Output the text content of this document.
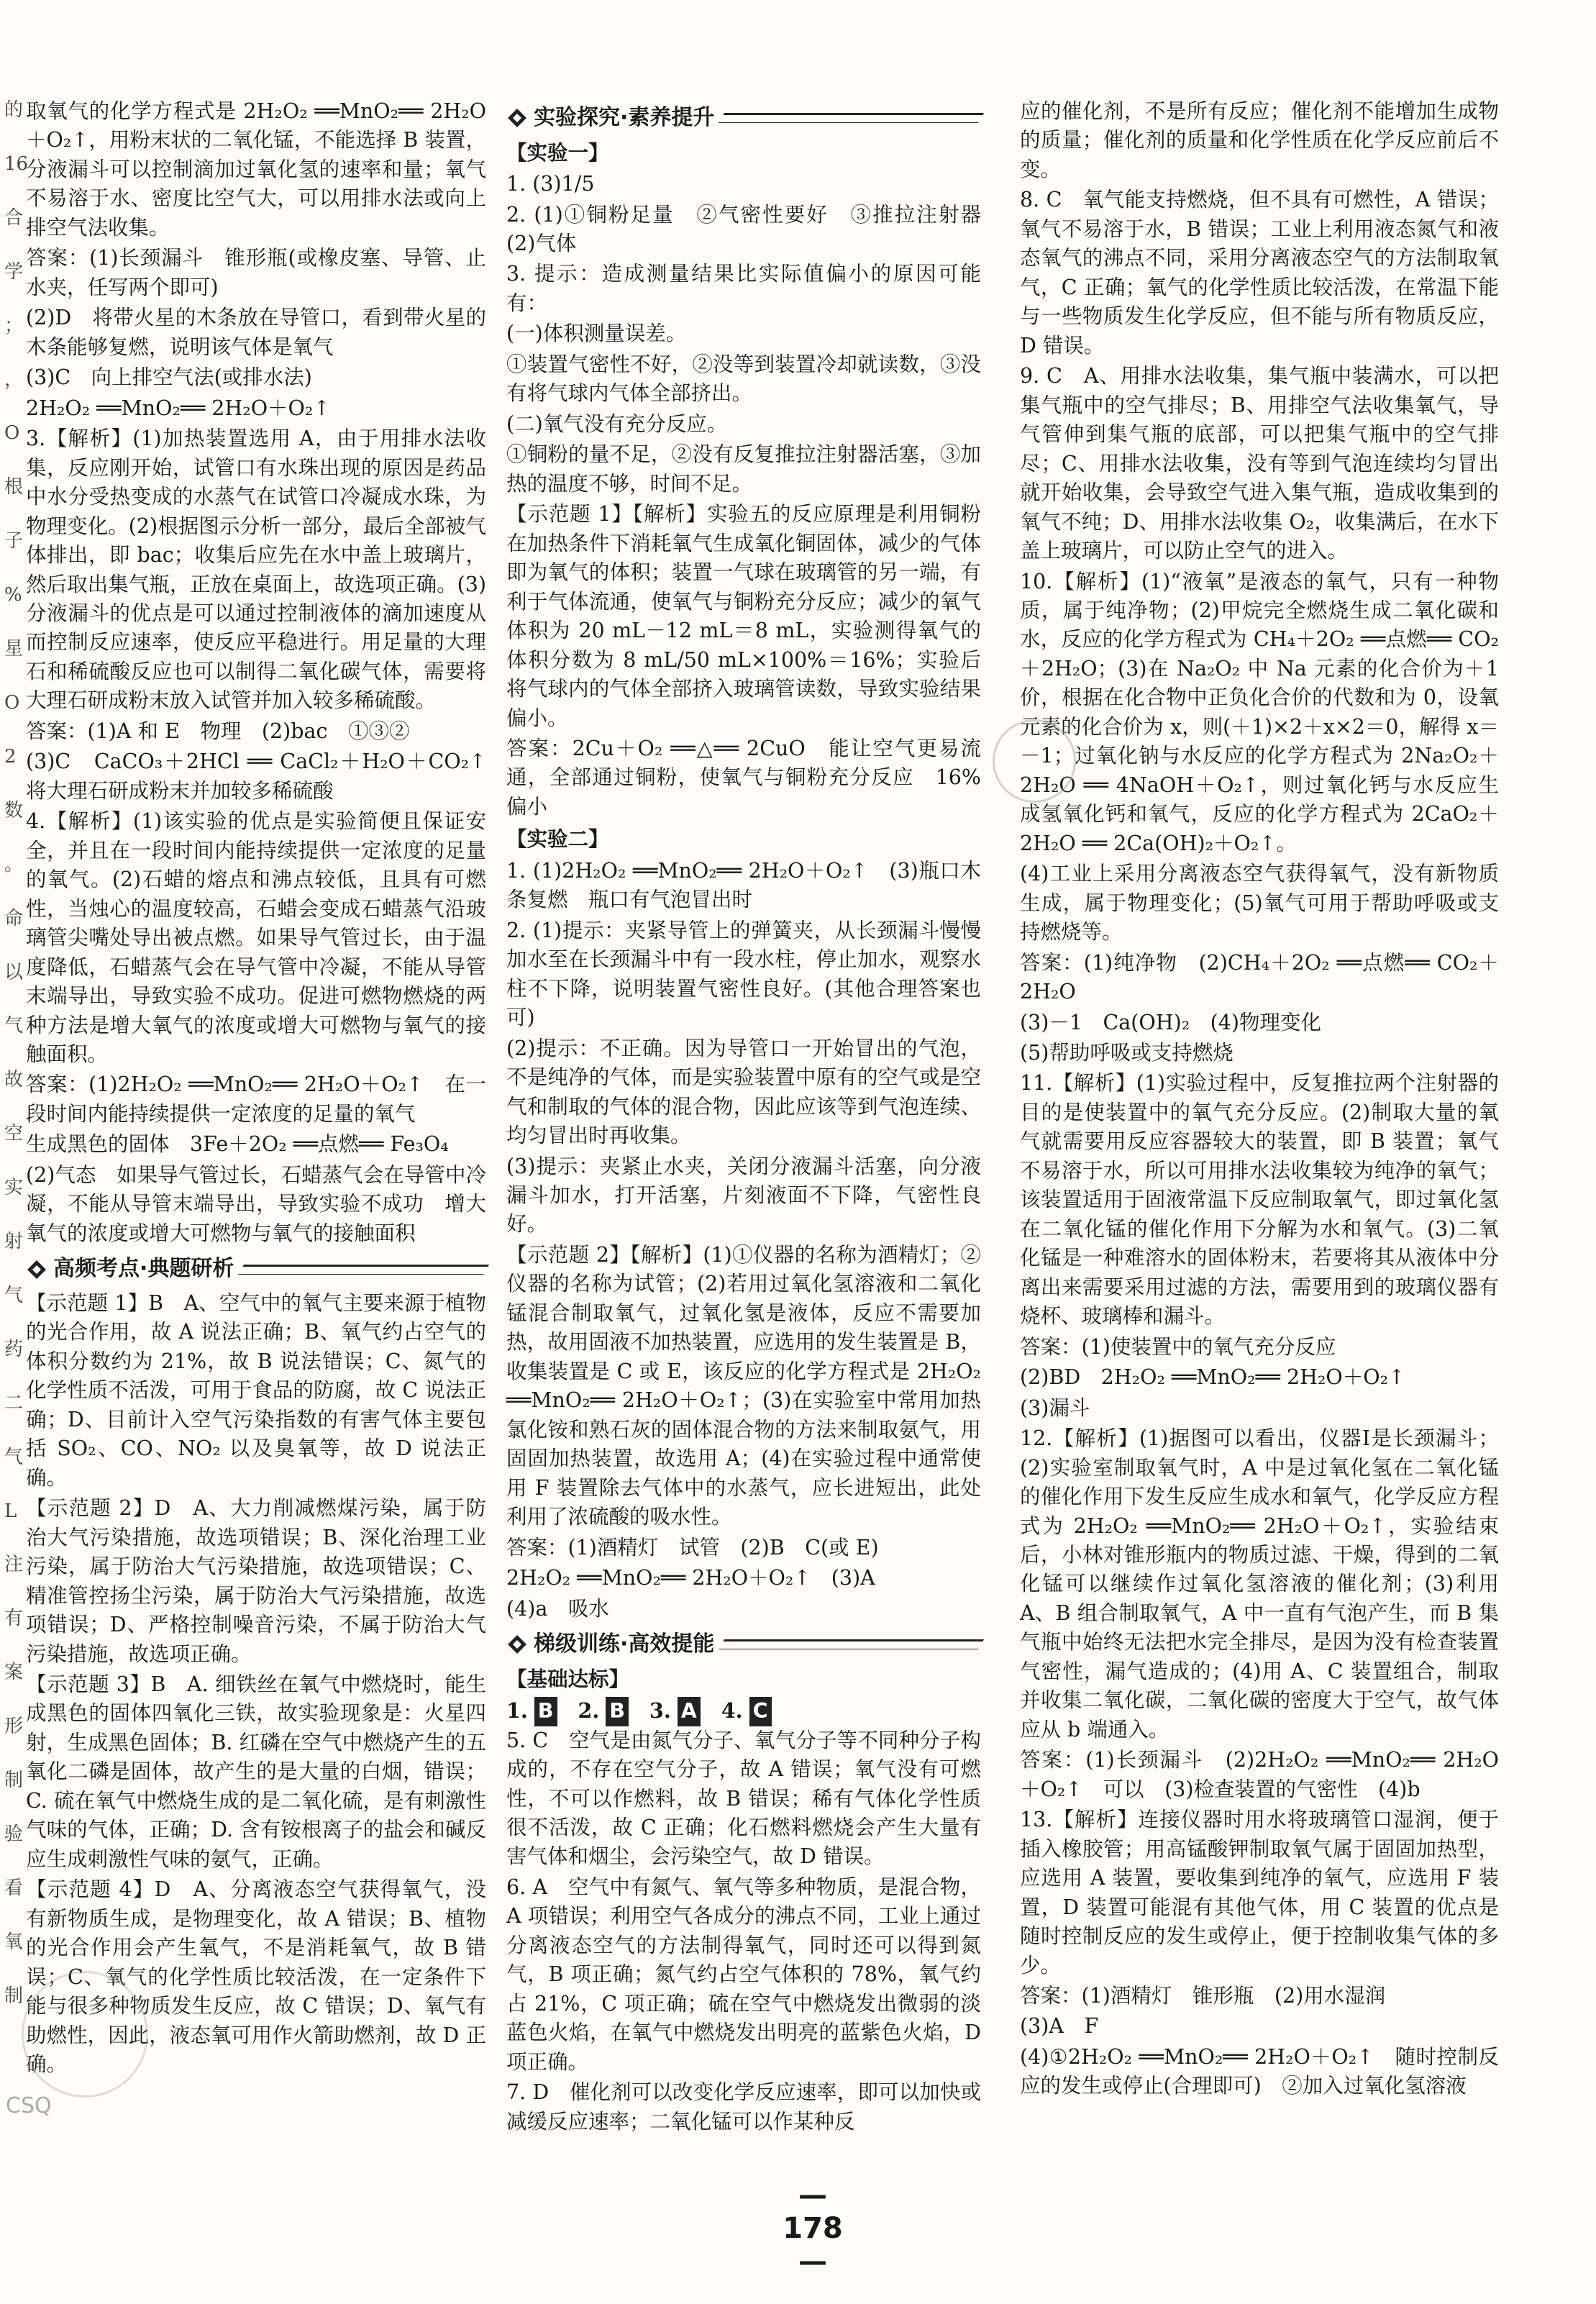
的
16
合
学
；
，
O
根
子
%
星
O
2
数
。
命
以
气
故
空
实
射
气
药
二
气
L
注
有
案
形
制
验
看
氧
制

取氧气的化学方程式是 2H₂O₂ ══MnO₂══ 2H₂O＋O₂↑，用粉末状的二氧化锰，不能选择 B 装置，分液漏斗可以控制滴加过氧化氢的速率和量；氧气不易溶于水、密度比空气大，可以用排水法或向上排空气法收集。

答案：(1)长颈漏斗　锥形瓶(或橡皮塞、导管、止水夹，任写两个即可)

(2)D　将带火星的木条放在导管口，看到带火星的木条能够复燃，说明该气体是氧气

(3)C　向上排空气法(或排水法)

2H₂O₂ ══MnO₂══ 2H₂O＋O₂↑

3.【解析】(1)加热装置选用 A，由于用排水法收集，反应刚开始，试管口有水珠出现的原因是药品中水分受热变成的水蒸气在试管口冷凝成水珠，为物理变化。(2)根据图示分析一部分，最后全部被气体排出，即 bac；收集后应先在水中盖上玻璃片，然后取出集气瓶，正放在桌面上，故选项正确。(3)分液漏斗的优点是可以通过控制液体的滴加速度从而控制反应速率，使反应平稳进行。用足量的大理石和稀硫酸反应也可以制得二氧化碳气体，需要将大理石研成粉末放入试管并加入较多稀硫酸。

答案：(1)A 和 E　物理　(2)bac　①③②

(3)C　CaCO₃＋2HCl ══ CaCl₂＋H₂O＋CO₂↑　将大理石研成粉末并加较多稀硫酸

4.【解析】(1)该实验的优点是实验简便且保证安全，并且在一段时间内能持续提供一定浓度的足量的氧气。(2)石蜡的熔点和沸点较低，且具有可燃性，当烛心的温度较高，石蜡会变成石蜡蒸气沿玻璃管尖嘴处导出被点燃。如果导气管过长，由于温度降低，石蜡蒸气会在导气管中冷凝，不能从导管末端导出，导致实验不成功。促进可燃物燃烧的两种方法是增大氧气的浓度或增大可燃物与氧气的接触面积。

答案：(1)2H₂O₂ ══MnO₂══ 2H₂O＋O₂↑　在一段时间内能持续提供一定浓度的足量的氧气

生成黑色的固体　3Fe＋2O₂ ══点燃══ Fe₃O₄

(2)气态　如果导气管过长，石蜡蒸气会在导管中冷凝，不能从导管末端导出，导致实验不成功　增大氧气的浓度或增大可燃物与氧气的接触面积

高频考点·典题研析

【示范题 1】B　A、空气中的氧气主要来源于植物的光合作用，故 A 说法正确；B、氧气约占空气的体积分数约为 21%，故 B 说法错误；C、氮气的化学性质不活泼，可用于食品的防腐，故 C 说法正确；D、目前计入空气污染指数的有害气体主要包括 SO₂、CO、NO₂ 以及臭氧等，故 D 说法正确。

【示范题 2】D　A、大力削减燃煤污染，属于防治大气污染措施，故选项错误；B、深化治理工业污染，属于防治大气污染措施，故选项错误；C、精准管控扬尘污染，属于防治大气污染措施，故选项错误；D、严格控制噪音污染，不属于防治大气污染措施，故选项正确。

【示范题 3】B　A. 细铁丝在氧气中燃烧时，能生成黑色的固体四氧化三铁，故实验现象是：火星四射，生成黑色固体；B. 红磷在空气中燃烧产生的五氧化二磷是固体，故产生的是大量的白烟，错误；C. 硫在氧气中燃烧生成的是二氧化硫，是有刺激性气味的气体，正确；D. 含有铵根离子的盐会和碱反应生成刺激性气味的氨气，正确。

【示范题 4】D　A、分离液态空气获得氧气，没有新物质生成，是物理变化，故 A 错误；B、植物的光合作用会产生氧气，不是消耗氧气，故 B 错误；C、氧气的化学性质比较活泼，在一定条件下能与很多种物质发生反应，故 C 错误；D、氧气有助燃性，因此，液态氧可用作火箭助燃剂，故 D 正确。

实验探究·素养提升
【实验一】

1. (3)1/5

2. (1)①铜粉足量　②气密性要好　③推拉注射器　(2)气体

3. 提示：造成测量结果比实际值偏小的原因可能有：

(一)体积测量误差。

①装置气密性不好，②没等到装置冷却就读数，③没有将气球内气体全部挤出。

(二)氧气没有充分反应。

①铜粉的量不足，②没有反复推拉注射器活塞，③加热的温度不够，时间不足。

【示范题 1】【解析】实验五的反应原理是利用铜粉在加热条件下消耗氧气生成氧化铜固体，减少的气体即为氧气的体积；装置一气球在玻璃管的另一端，有利于气体流通，使氧气与铜粉充分反应；减少的氧气体积为 20 mL－12 mL＝8 mL，实验测得氧气的体积分数为 8 mL/50 mL×100%＝16%；实验后将气球内的气体全部挤入玻璃管读数，导致实验结果偏小。

答案：2Cu＋O₂ ══△══ 2CuO　能让空气更易流通，全部通过铜粉，使氧气与铜粉充分反应　16%　偏小

【实验二】

1. (1)2H₂O₂ ══MnO₂══ 2H₂O＋O₂↑　(3)瓶口木条复燃　瓶口有气泡冒出时

2. (1)提示：夹紧导管上的弹簧夹，从长颈漏斗慢慢加水至在长颈漏斗中有一段水柱，停止加水，观察水柱不下降，说明装置气密性良好。(其他合理答案也可)

(2)提示：不正确。因为导管口一开始冒出的气泡，不是纯净的气体，而是实验装置中原有的空气或是空气和制取的气体的混合物，因此应该等到气泡连续、均匀冒出时再收集。

(3)提示：夹紧止水夹，关闭分液漏斗活塞，向分液漏斗加水，打开活塞，片刻液面不下降，气密性良好。

【示范题 2】【解析】(1)①仪器的名称为酒精灯；②仪器的名称为试管；(2)若用过氧化氢溶液和二氧化锰混合制取氧气，过氧化氢是液体，反应不需要加热，故用固液不加热装置，应选用的发生装置是 B，收集装置是 C 或 E，该反应的化学方程式是 2H₂O₂ ══MnO₂══ 2H₂O＋O₂↑；(3)在实验室中常用加热氯化铵和熟石灰的固体混合物的方法来制取氨气，用固固加热装置，故选用 A；(4)在实验过程中通常使用 F 装置除去气体中的水蒸气，应长进短出，此处利用了浓硫酸的吸水性。

答案：(1)酒精灯　试管　(2)B　C(或 E)

2H₂O₂ ══MnO₂══ 2H₂O＋O₂↑　(3)A

(4)a　吸水

梯级训练·高效提能
【基础达标】
1. B 2. B 3. A 4. C

5. C　空气是由氮气分子、氧气分子等不同种分子构成的，不存在空气分子，故 A 错误；氧气没有可燃性，不可以作燃料，故 B 错误；稀有气体化学性质很不活泼，故 C 正确；化石燃料燃烧会产生大量有害气体和烟尘，会污染空气，故 D 错误。

6. A　空气中有氮气、氧气等多种物质，是混合物，A 项错误；利用空气各成分的沸点不同，工业上通过分离液态空气的方法制得氧气，同时还可以得到氮气，B 项正确；氮气约占空气体积的 78%，氧气约占 21%，C 项正确；硫在空气中燃烧发出微弱的淡蓝色火焰，在氧气中燃烧发出明亮的蓝紫色火焰，D 项正确。

7. D　催化剂可以改变化学反应速率，即可以加快或减缓反应速率；二氧化锰可以作某种反

应的催化剂，不是所有反应；催化剂不能增加生成物的质量；催化剂的质量和化学性质在化学反应前后不变。

8. C　氧气能支持燃烧，但不具有可燃性，A 错误；氧气不易溶于水，B 错误；工业上利用液态氮气和液态氧气的沸点不同，采用分离液态空气的方法制取氧气，C 正确；氧气的化学性质比较活泼，在常温下能与一些物质发生化学反应，但不能与所有物质反应，D 错误。

9. C　A、用排水法收集，集气瓶中装满水，可以把集气瓶中的空气排尽；B、用排空气法收集氧气，导气管伸到集气瓶的底部，可以把集气瓶中的空气排尽；C、用排水法收集，没有等到气泡连续均匀冒出就开始收集，会导致空气进入集气瓶，造成收集到的氧气不纯；D、用排水法收集 O₂，收集满后，在水下盖上玻璃片，可以防止空气的进入。

10.【解析】(1)“液氧”是液态的氧气，只有一种物质，属于纯净物；(2)甲烷完全燃烧生成二氧化碳和水，反应的化学方程式为 CH₄＋2O₂ ══点燃══ CO₂＋2H₂O；(3)在 Na₂O₂ 中 Na 元素的化合价为＋1 价，根据在化合物中正负化合价的代数和为 0，设氧元素的化合价为 x，则(＋1)×2＋x×2＝0，解得 x＝－1；过氧化钠与水反应的化学方程式为 2Na₂O₂＋2H₂O ══ 4NaOH＋O₂↑，则过氧化钙与水反应生成氢氧化钙和氧气，反应的化学方程式为 2CaO₂＋2H₂O ══ 2Ca(OH)₂＋O₂↑。

(4)工业上采用分离液态空气获得氧气，没有新物质生成，属于物理变化；(5)氧气可用于帮助呼吸或支持燃烧等。

答案：(1)纯净物　(2)CH₄＋2O₂ ══点燃══ CO₂＋2H₂O

(3)－1　Ca(OH)₂　(4)物理变化

(5)帮助呼吸或支持燃烧

11.【解析】(1)实验过程中，反复推拉两个注射器的目的是使装置中的氧气充分反应。(2)制取大量的氧气就需要用反应容器较大的装置，即 B 装置；氧气不易溶于水，所以可用排水法收集较为纯净的氧气；该装置适用于固液常温下反应制取氧气，即过氧化氢在二氧化锰的催化作用下分解为水和氧气。(3)二氧化锰是一种难溶水的固体粉末，若要将其从液体中分离出来需要采用过滤的方法，需要用到的玻璃仪器有烧杯、玻璃棒和漏斗。

答案：(1)使装置中的氧气充分反应

(2)BD　2H₂O₂ ══MnO₂══ 2H₂O＋O₂↑

(3)漏斗

12.【解析】(1)据图可以看出，仪器Ⅰ是长颈漏斗；(2)实验室制取氧气时，A 中是过氧化氢在二氧化锰的催化作用下发生反应生成水和氧气，化学反应方程式为 2H₂O₂ ══MnO₂══ 2H₂O＋O₂↑，实验结束后，小林对锥形瓶内的物质过滤、干燥，得到的二氧化锰可以继续作过氧化氢溶液的催化剂；(3)利用 A、B 组合制取氧气，A 中一直有气泡产生，而 B 集气瓶中始终无法把水完全排尽，是因为没有检查装置气密性，漏气造成的；(4)用 A、C 装置组合，制取并收集二氧化碳，二氧化碳的密度大于空气，故气体应从 b 端通入。

答案：(1)长颈漏斗　(2)2H₂O₂ ══MnO₂══ 2H₂O＋O₂↑　可以　(3)检查装置的气密性　(4)b

13.【解析】连接仪器时用水将玻璃管口湿润，便于插入橡胶管；用高锰酸钾制取氧气属于固固加热型，应选用 A 装置，要收集到纯净的氧气，应选用 F 装置，D 装置可能混有其他气体，用 C 装置的优点是随时控制反应的发生或停止，便于控制收集气体的多少。

答案：(1)酒精灯　锥形瓶　(2)用水湿润

(3)A　F

(4)①2H₂O₂ ══MnO₂══ 2H₂O＋O₂↑　随时控制反应的发生或停止(合理即可)　②加入过氧化氢溶液

CSQ
—178—
